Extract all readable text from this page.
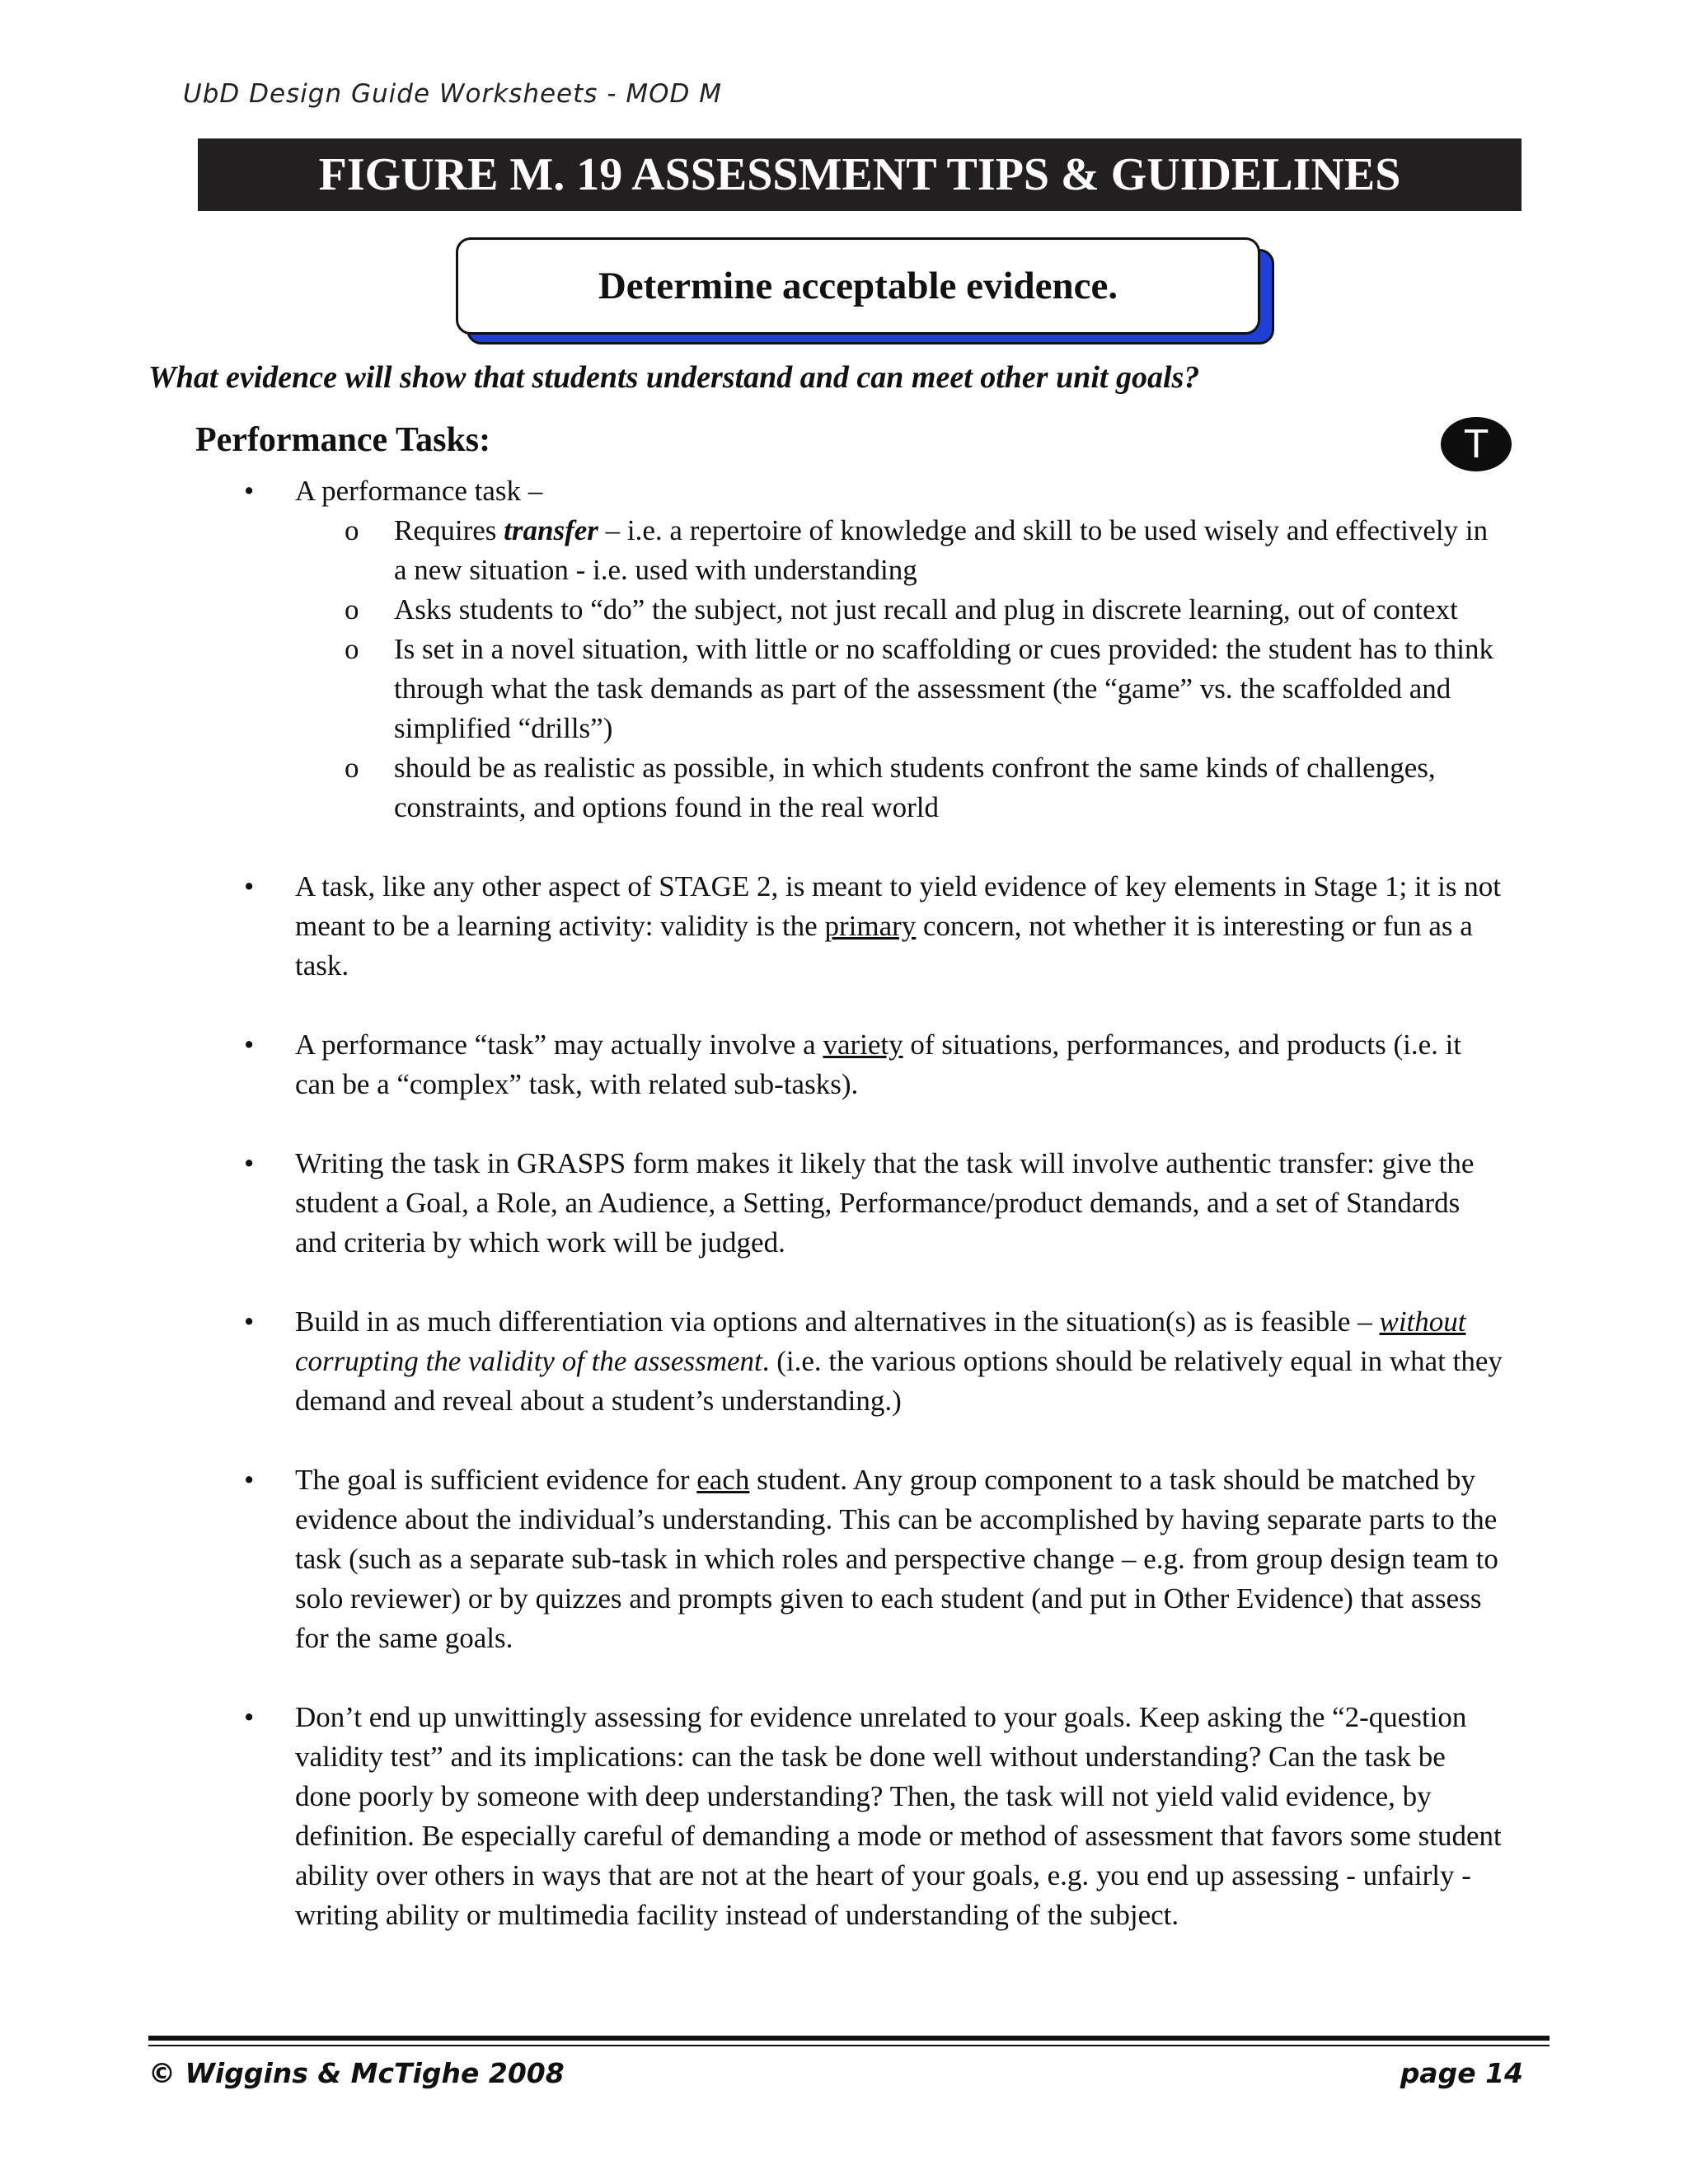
UbD Design Guide Worksheets - MOD M
FIGURE M. 19 ASSESSMENT TIPS & GUIDELINES
Determine acceptable evidence.
What evidence will show that students understand and can meet other unit goals?
Performance Tasks:	T
• A performance task –
o Requires transfer – i.e. a repertoire of knowledge and skill to be used wisely and effectively in a new situation - i.e. used with understanding
o Asks students to “do” the subject, not just recall and plug in discrete learning, out of context
o Is set in a novel situation, with little or no scaffolding or cues provided: the student has to think through what the task demands as part of the assessment (the “game” vs. the scaffolded and simplified “drills”)
o should be as realistic as possible, in which students confront the same kinds of challenges, constraints, and options found in the real world
• A task, like any other aspect of STAGE 2, is meant to yield evidence of key elements in Stage 1; it is not meant to be a learning activity: validity is the primary concern, not whether it is interesting or fun as a task.
• A performance “task” may actually involve a variety of situations, performances, and products (i.e. it can be a “complex” task, with related sub-tasks).
• Writing the task in GRASPS form makes it likely that the task will involve authentic transfer: give the student a Goal, a Role, an Audience, a Setting, Performance/product demands, and a set of Standards and criteria by which work will be judged.
• Build in as much differentiation via options and alternatives in the situation(s) as is feasible – without corrupting the validity of the assessment. (i.e. the various options should be relatively equal in what they demand and reveal about a student’s understanding.)
• The goal is sufficient evidence for each student. Any group component to a task should be matched by evidence about the individual’s understanding. This can be accomplished by having separate parts to the task (such as a separate sub-task in which roles and perspective change – e.g. from group design team to solo reviewer) or by quizzes and prompts given to each student (and put in Other Evidence) that assess for the same goals.
• Don’t end up unwittingly assessing for evidence unrelated to your goals. Keep asking the “2-question validity test” and its implications: can the task be done well without understanding? Can the task be done poorly by someone with deep understanding? Then, the task will not yield valid evidence, by definition. Be especially careful of demanding a mode or method of assessment that favors some student ability over others in ways that are not at the heart of your goals, e.g. you end up assessing - unfairly - writing ability or multimedia facility instead of understanding of the subject.
© Wiggins & McTighe 2008	page 14
